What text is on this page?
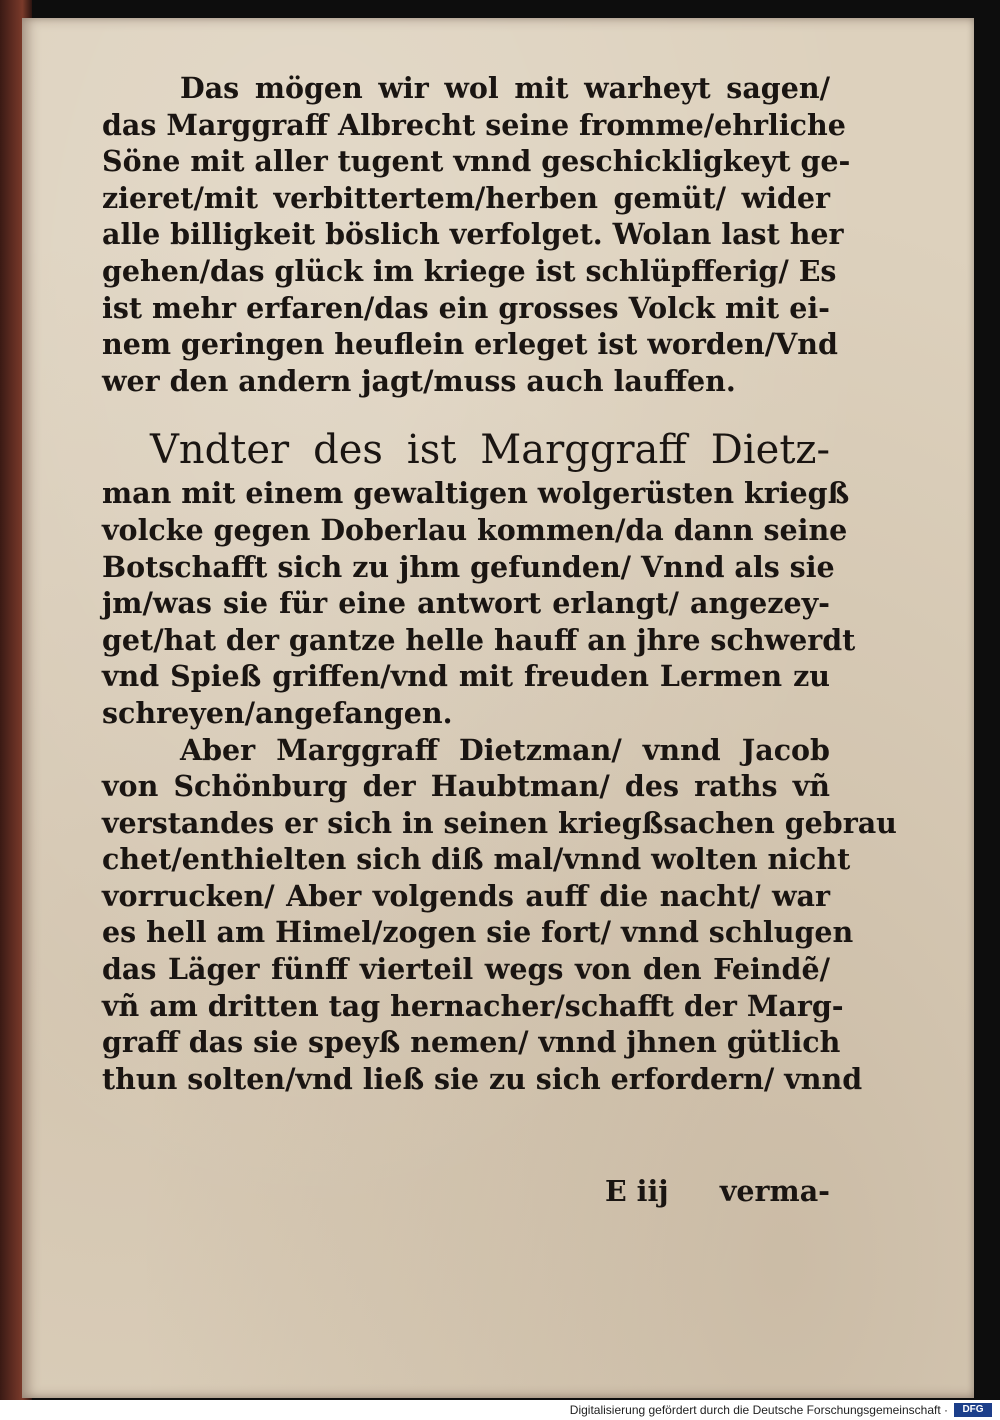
Das mögen wir wol mit warheyt sagen/
das Marggraff Albrecht seine fromme/ehrliche
Söne mit aller tugent vnnd geschickligkeyt ge-
zieret/mit verbittertem/herben gemüt/ wider
alle billigkeit böslich verfolget. Wolan last her
gehen/das glück im kriege ist schlüpfferig/ Es
ist mehr erfaren/das ein grosses Volck mit ei-
nem geringen heuflein erleget ist worden/Vnd
wer den andern jagt/muss auch lauffen.
Vndter des ist Marggraff Dietz-
man mit einem gewaltigen wolgerüsten kriegß
volcke gegen Doberlau kommen/da dann seine
Botschafft sich zu jhm gefunden/ Vnnd als sie
jm/was sie für eine antwort erlangt/ angezey-
get/hat der gantze helle hauff an jhre schwerdt
vnd Spieß griffen/vnd mit freuden Lermen zu
schreyen/angefangen.
Aber Marggraff Dietzman/ vnnd Jacob
von Schönburg der Haubtman/ des raths vñ
verstandes er sich in seinen kriegßsachen gebrau
chet/enthielten sich diß mal/vnnd wolten nicht
vorrucken/ Aber volgends auff die nacht/ war
es hell am Himel/zogen sie fort/ vnnd schlugen
das Läger fünff vierteil wegs von den Feindẽ/
vñ am dritten tag hernacher/schafft der Marg-
graff das sie speyß nemen/ vnnd jhnen gütlich
thun solten/vnd ließ sie zu sich erfordern/ vnnd
E iij verma-
Digitalisierung gefördert durch die Deutsche Forschungsgemeinschaft ·	DFG
